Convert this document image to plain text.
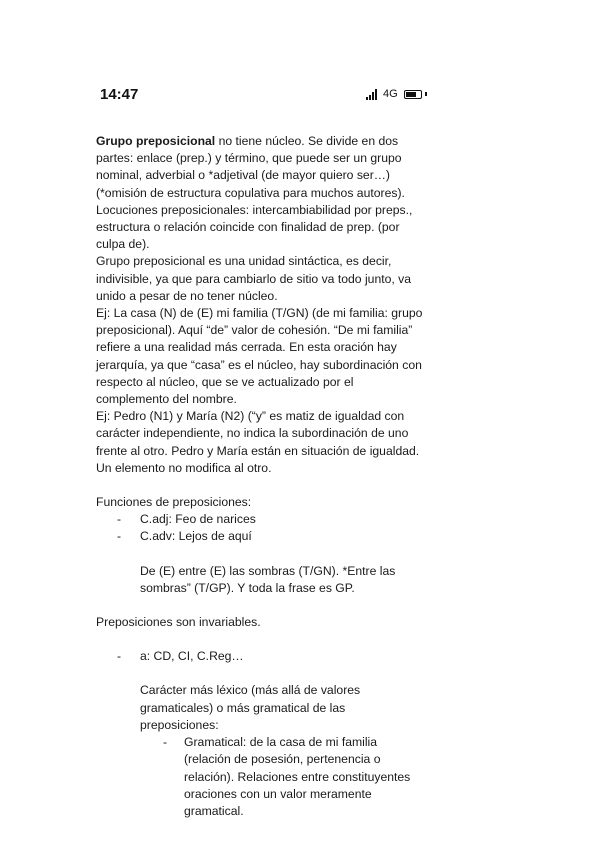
14:47	4G

Grupo preposicional no tiene núcleo. Se divide en dos partes: enlace (prep.) y término, que puede ser un grupo nominal, adverbial o *adjetival (de mayor quiero ser…) (*omisión de estructura copulativa para muchos autores).

Locuciones preposicionales: intercambiabilidad por preps., estructura o relación coincide con finalidad de prep. (por culpa de).

Grupo preposicional es una unidad sintáctica, es decir, indivisible, ya que para cambiarlo de sitio va todo junto, va unido a pesar de no tener núcleo.

Ej: La casa (N) de (E) mi familia (T/GN) (de mi familia: grupo preposicional). Aquí “de” valor de cohesión. “De mi familia” refiere a una realidad más cerrada. En esta oración hay jerarquía, ya que “casa” es el núcleo, hay subordinación con respecto al núcleo, que se ve actualizado por el complemento del nombre.

Ej: Pedro (N1) y María (N2) (“y” es matiz de igualdad con carácter independiente, no indica la subordinación de uno frente al otro. Pedro y María están en situación de igualdad. Un elemento no modifica al otro.

Funciones de preposiciones:

- C.adj: Feo de narices
- C.adv: Lejos de aquí

De (E) entre (E) las sombras (T/GN). *Entre las sombras” (T/GP). Y toda la frase es GP.

Preposiciones son invariables.

- a: CD, CI, C.Reg…

Carácter más léxico (más allá de valores gramaticales) o más gramatical de las preposiciones:

- Gramatical: de la casa de mi familia (relación de posesión, pertenencia o relación). Relaciones entre constituyentes oraciones con un valor meramente gramatical.
